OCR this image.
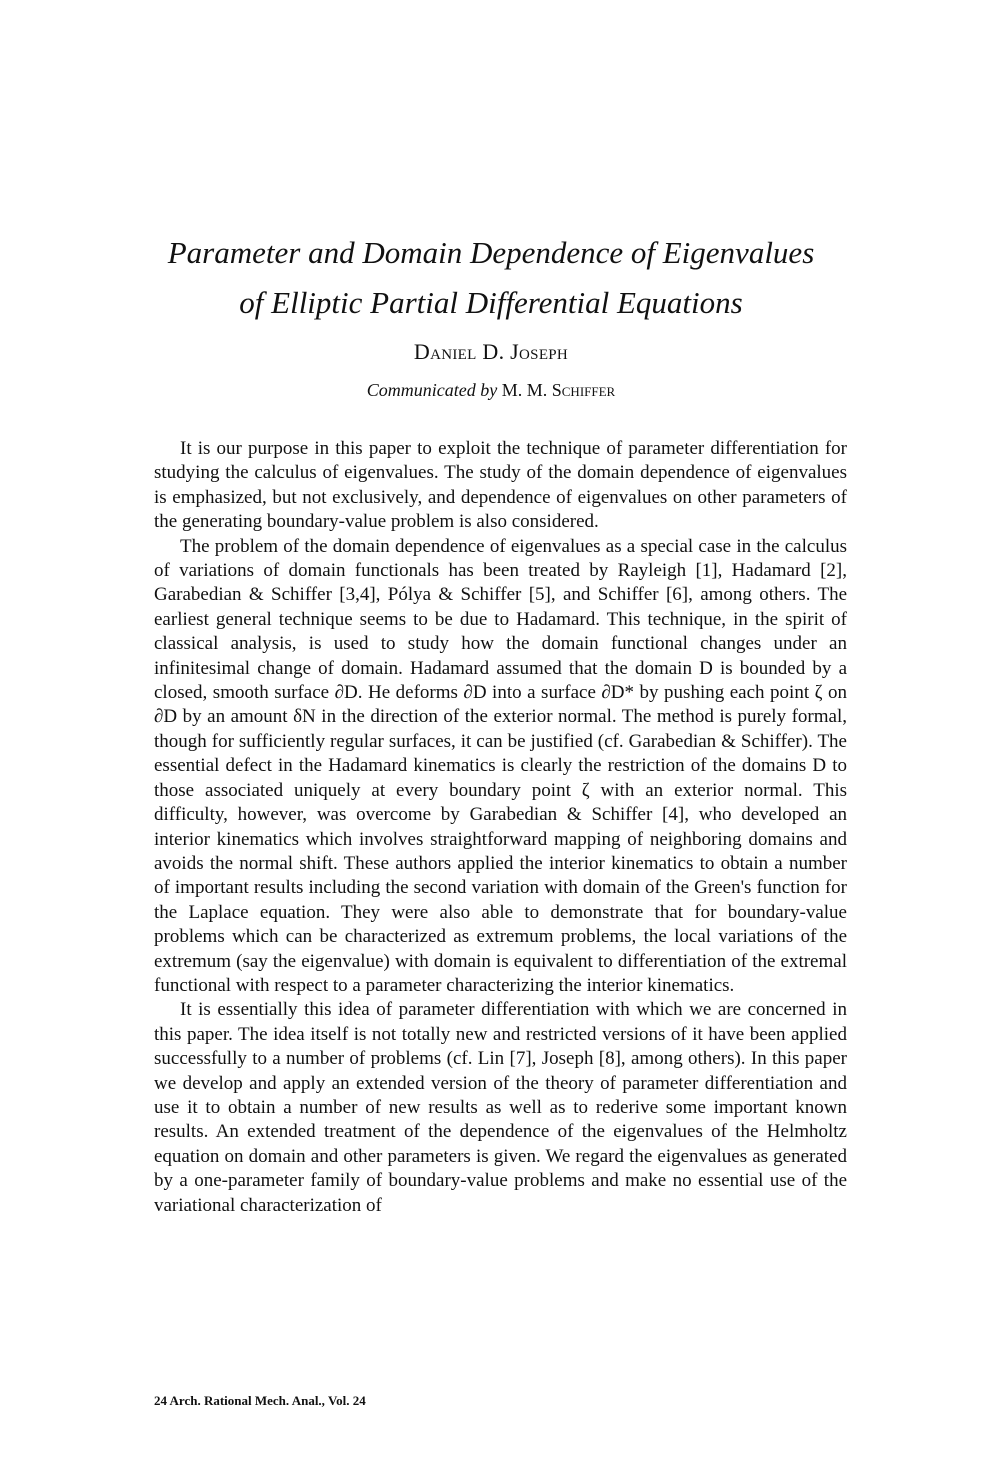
Parameter and Domain Dependence of Eigenvalues
of Elliptic Partial Differential Equations
Daniel D. Joseph
Communicated by M. M. Schiffer

It is our purpose in this paper to exploit the technique of parameter differentiation for studying the calculus of eigenvalues. The study of the domain dependence of eigenvalues is emphasized, but not exclusively, and dependence of eigenvalues on other parameters of the generating boundary-value problem is also considered.

The problem of the domain dependence of eigenvalues as a special case in the calculus of variations of domain functionals has been treated by Rayleigh [1], Hadamard [2], Garabedian & Schiffer [3,4], Pólya & Schiffer [5], and Schiffer [6], among others. The earliest general technique seems to be due to Hadamard. This technique, in the spirit of classical analysis, is used to study how the domain functional changes under an infinitesimal change of domain. Hadamard assumed that the domain D is bounded by a closed, smooth surface ∂D. He deforms ∂D into a surface ∂D* by pushing each point ζ on ∂D by an amount δN in the direction of the exterior normal. The method is purely formal, though for sufficiently regular surfaces, it can be justified (cf. Garabedian & Schiffer). The essential defect in the Hadamard kinematics is clearly the restriction of the domains D to those associated uniquely at every boundary point ζ with an exterior normal. This difficulty, however, was overcome by Garabedian & Schiffer [4], who developed an interior kinematics which involves straightforward mapping of neighboring domains and avoids the normal shift. These authors applied the interior kinematics to obtain a number of important results including the second variation with domain of the Green's function for the Laplace equation. They were also able to demonstrate that for boundary-value problems which can be characterized as extremum problems, the local variations of the extremum (say the eigenvalue) with domain is equivalent to differentiation of the extremal functional with respect to a parameter characterizing the interior kinematics.

It is essentially this idea of parameter differentiation with which we are concerned in this paper. The idea itself is not totally new and restricted versions of it have been applied successfully to a number of problems (cf. Lin [7], Joseph [8], among others). In this paper we develop and apply an extended version of the theory of parameter differentiation and use it to obtain a number of new results as well as to rederive some important known results. An extended treatment of the dependence of the eigenvalues of the Helmholtz equation on domain and other parameters is given. We regard the eigenvalues as generated by a one-parameter family of boundary-value problems and make no essential use of the variational characterization of

24 Arch. Rational Mech. Anal., Vol. 24
